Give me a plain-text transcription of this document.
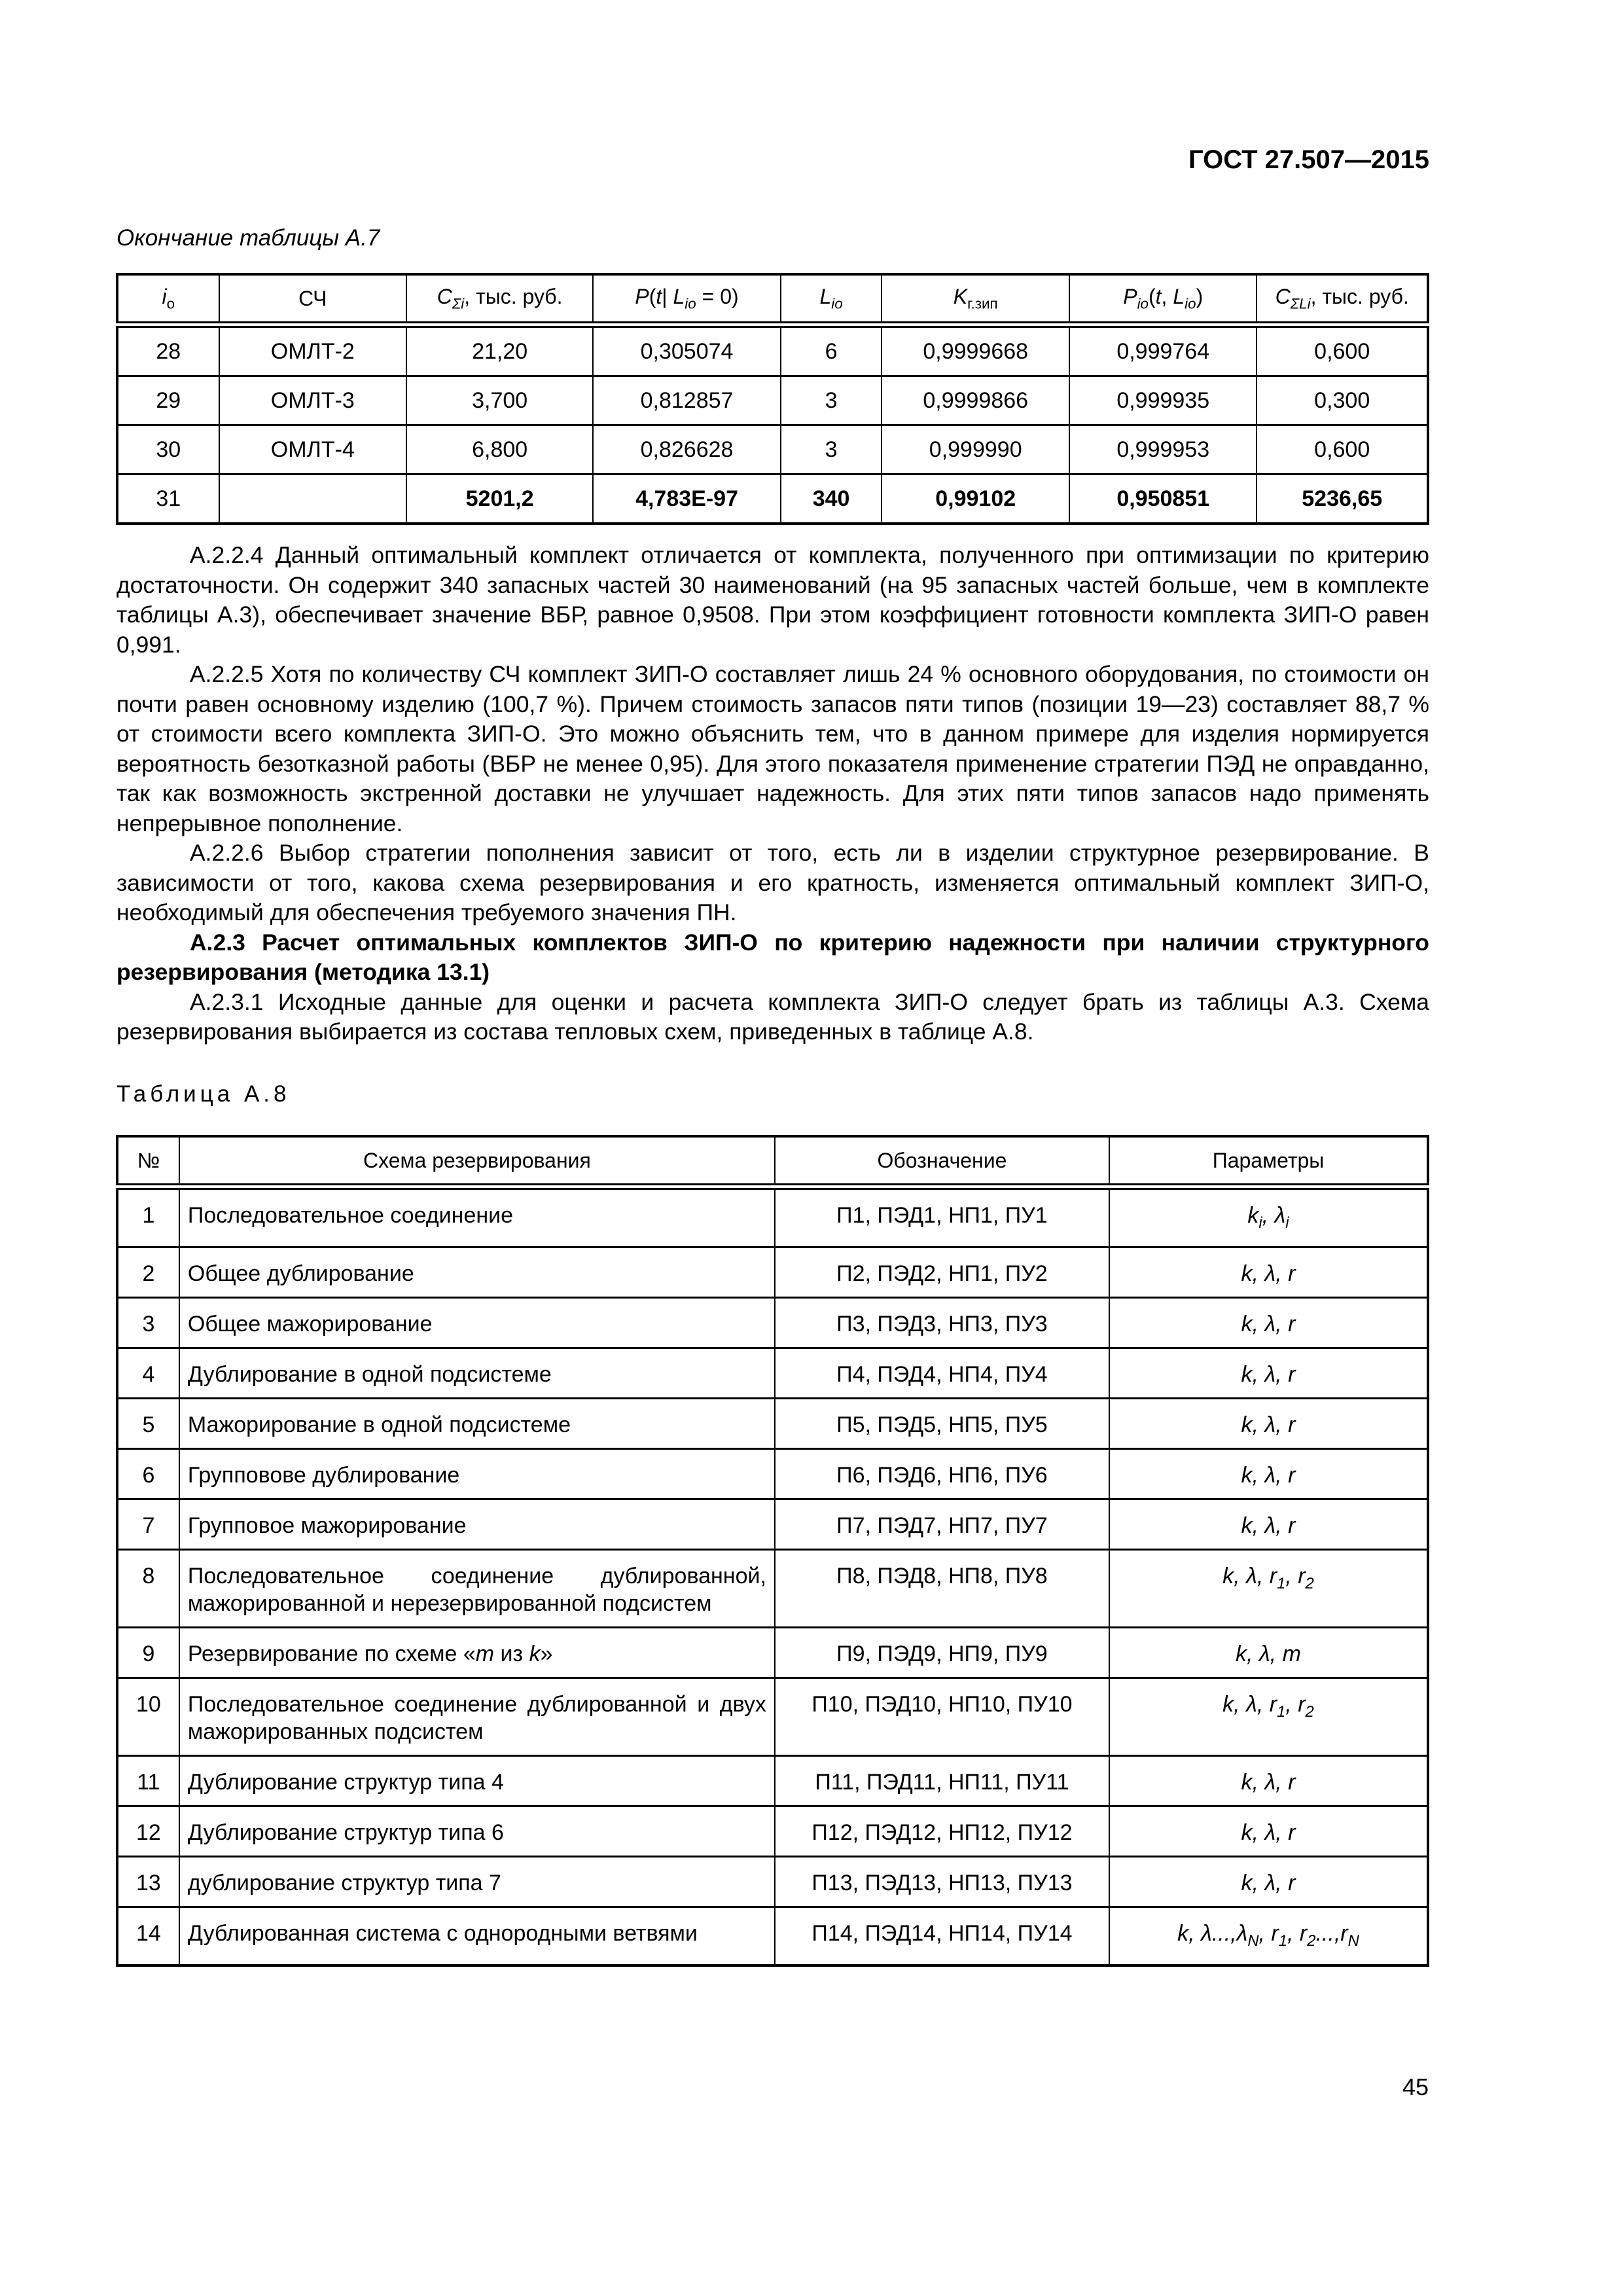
ГОСТ 27.507—2015
Окончание таблицы А.7
$i_o$	СЧ	$C_{\Sigma i}$, тыс. руб.	P(t| $L_{io} = 0$)	$L_{io}$	$K_{г.зип}$	$P_{io}(t$, $L_{io}$)	$C_{\Sigma Li}$, тыс. руб.
28	ОМЛТ-2	21,20	0,305074	6	0,9999668	0,999764	0,600
29	ОМЛТ-3	3,700	0,812857	3	0,9999866	0,999935	0,300
30	ОМЛТ-4	6,800	0,826628	3	0,999990	0,999953	0,600
31		5201,2	4,783E-97	340	0,99102	0,950851	5236,65

А.2.2.4 Данный оптимальный комплект отличается от комплекта, полученного при оптимизации по критерию достаточности. Он содержит 340 запасных частей 30 наименований (на 95 запасных частей больше, чем в комплекте таблицы А.3), обеспечивает значение ВБР, равное 0,9508. При этом коэффициент готовности комплекта ЗИП-О равен 0,991.

А.2.2.5 Хотя по количеству СЧ комплект ЗИП-О составляет лишь 24 % основного оборудования, по стоимости он почти равен основному изделию (100,7 %). Причем стоимость запасов пяти типов (позиции 19—23) составляет 88,7 % от стоимости всего комплекта ЗИП-О. Это можно объяснить тем, что в данном примере для изделия нормируется вероятность безотказной работы (ВБР не менее 0,95). Для этого показателя применение стратегии ПЭД не оправданно, так как возможность экстренной доставки не улучшает надежность. Для этих пяти типов запасов надо применять непрерывное пополнение.

А.2.2.6 Выбор стратегии пополнения зависит от того, есть ли в изделии структурное резервирование. В зависимости от того, какова схема резервирования и его кратность, изменяется оптимальный комплект ЗИП-О, необходимый для обеспечения требуемого значения ПН.

А.2.3 Расчет оптимальных комплектов ЗИП-О по критерию надежности при наличии структурного резервирования (методика 13.1)

А.2.3.1 Исходные данные для оценки и расчета комплекта ЗИП-О следует брать из таблицы А.3. Схема резервирования выбирается из состава тепловых схем, приведенных в таблице А.8.

Таблица А.8
№	Схема резервирования	Обозначение	Параметры
1	Последовательное соединение	П1, ПЭД1, НП1, ПУ1	$k_i$, $\lambda_i$
2	Общее дублирование	П2, ПЭД2, НП1, ПУ2	k, λ, r
3	Общее мажорирование	П3, ПЭД3, НП3, ПУ3	k, λ, r
4	Дублирование в одной подсистеме	П4, ПЭД4, НП4, ПУ4	k, λ, r
5	Мажорирование в одной подсистеме	П5, ПЭД5, НП5, ПУ5	k, λ, r
6	Групповове дублирование	П6, ПЭД6, НП6, ПУ6	k, λ, r
7	Групповое мажорирование	П7, ПЭД7, НП7, ПУ7	k, λ, r
8	Последовательное соединение дублированной, мажорированной и нерезервированной подсистем	П8, ПЭД8, НП8, ПУ8	k, λ, $r_1$, $r_2$
9	Резервирование по схеме «m из k»	П9, ПЭД9, НП9, ПУ9	k, λ, m
10	Последовательное соединение дублированной и двух мажорированных подсистем	П10, ПЭД10, НП10, ПУ10	k, λ, $r_1$, $r_2$
11	Дублирование структур типа 4	П11, ПЭД11, НП11, ПУ11	k, λ, r
12	Дублирование структур типа 6	П12, ПЭД12, НП12, ПУ12	k, λ, r
13	дублирование структур типа 7	П13, ПЭД13, НП13, ПУ13	k, λ, r
14	Дублированная система с однородными ветвями	П14, ПЭД14, НП14, ПУ14	k, $\lambda...,\lambda_N$, $r_1$, $r_2...,r_N$
45
